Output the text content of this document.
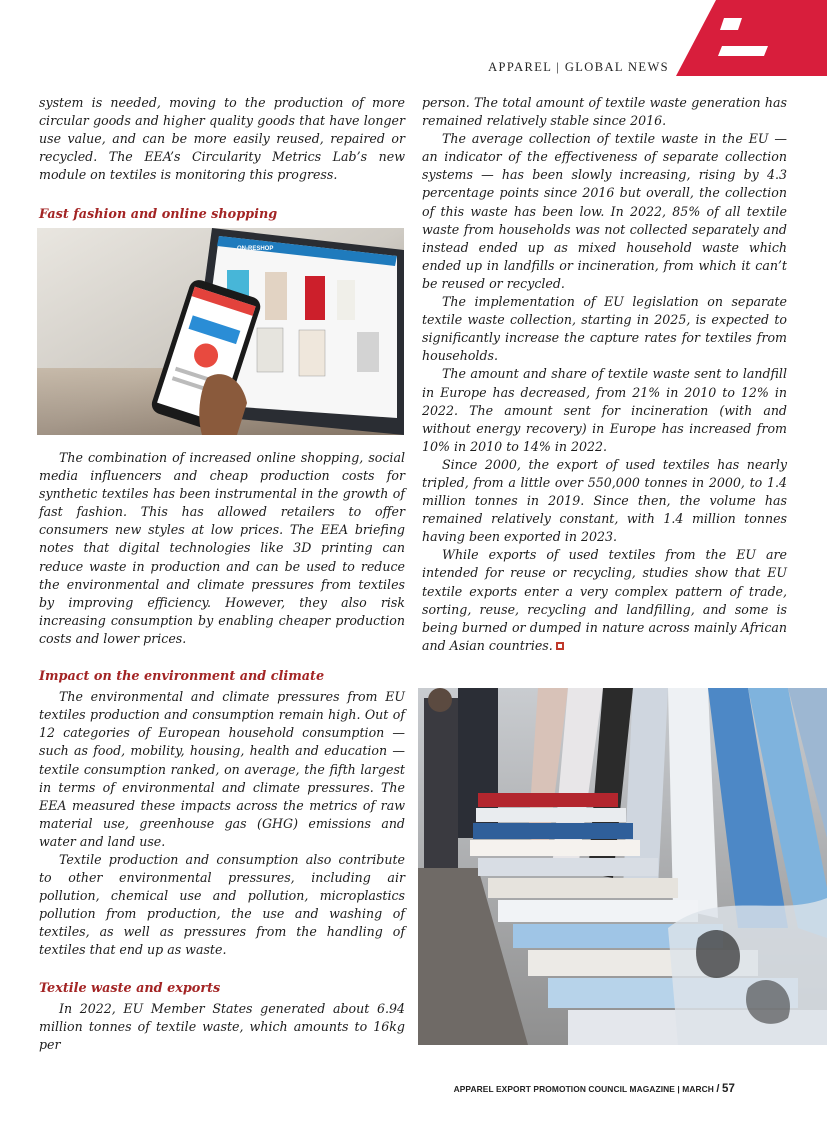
APPAREL | GLOBAL NEWS

system is needed, moving to the production of more circular goods and higher quality goods that have longer use value, and can be more easily reused, repaired or recycled. The EEA’s Circularity Metrics Lab’s new module on textiles is monitoring this progress.

Fast fashion and online shopping
ON-RESHOP

The combination of increased online shopping, social media influencers and cheap production costs for synthetic textiles has been instrumental in the growth of fast fashion. This has allowed retailers to offer consumers new styles at low prices. The EEA briefing notes that digital technologies like 3D printing can reduce waste in production and can be used to reduce the environmental and climate pressures from textiles by improving efficiency. However, they also risk increasing consumption by enabling cheaper production costs and lower prices.

Impact on the environment and climate

The environmental and climate pressures from EU textiles production and consumption remain high. Out of 12 categories of European household consumption — such as food, mobility, housing, health and education — textile consumption ranked, on average, the fifth largest in terms of environmental and climate pressures. The EEA measured these impacts across the metrics of raw material use, greenhouse gas (GHG) emissions and water and land use.

Textile production and consumption also contribute to other environmental pressures, including air pollution, chemical use and pollution, microplastics pollution from production, the use and washing of textiles, as well as pressures from the handling of textiles that end up as waste.

Textile waste and exports

In 2022, EU Member States generated about 6.94 million tonnes of textile waste, which amounts to 16kg per

person. The total amount of textile waste generation has remained relatively stable since 2016.

The average collection of textile waste in the EU — an indicator of the effectiveness of separate collection systems — has been slowly increasing, rising by 4.3 percentage points since 2016 but overall, the collection of this waste has been low. In 2022, 85% of all textile waste from households was not collected separately and instead ended up as mixed household waste which ended up in landfills or incineration, from which it can’t be reused or recycled.

The implementation of EU legislation on separate textile waste collection, starting in 2025, is expected to significantly increase the capture rates for textiles from households.

The amount and share of textile waste sent to landfill in Europe has decreased, from 21% in 2010 to 12% in 2022. The amount sent for incineration (with and without energy recovery) in Europe has increased from 10% in 2010 to 14% in 2022.

Since 2000, the export of used textiles has nearly tripled, from a little over 550,000 tonnes in 2000, to 1.4 million tonnes in 2019. Since then, the volume has remained relatively constant, with 1.4 million tonnes having been exported in 2023.

While exports of used textiles from the EU are intended for reuse or recycling, studies show that EU textile exports enter a very complex pattern of trade, sorting, reuse, recycling and landfilling, and some is being burned or dumped in nature across mainly African and Asian countries.

APPAREL EXPORT PROMOTION COUNCIL MAGAZINE | MARCH / 57
